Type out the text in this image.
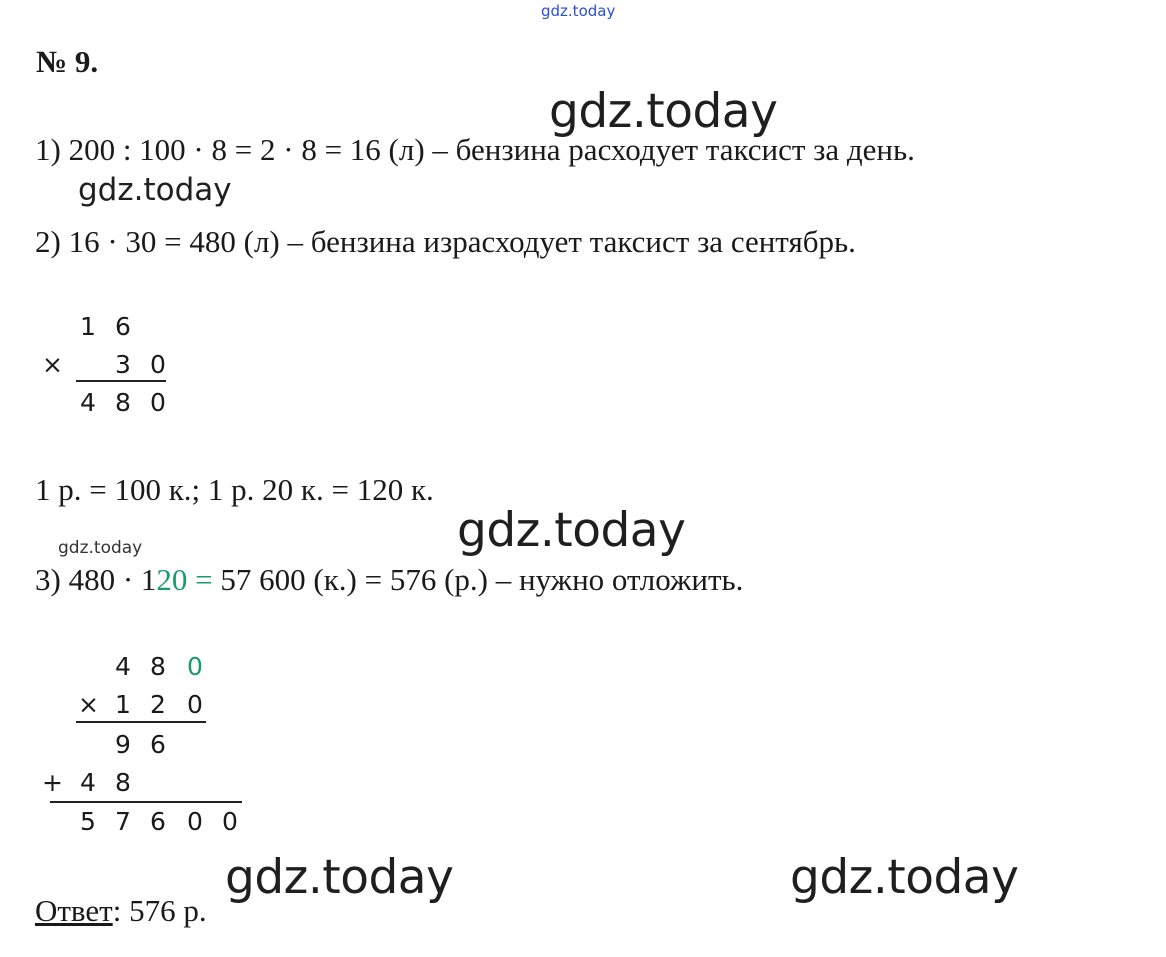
gdz.today
gdz.today
gdz.today
gdz.today
gdz.today
gdz.today	gdz.today
№ 9.
1) 200 : 100 · 8 = 2 · 8 = 16 (л) – бензина расходует таксист за день.
2) 16 · 30 = 480 (л) – бензина израсходует таксист за сентябрь.
1 6
× 3 0
4 8 0
1 р. = 100 к.; 1 р. 20 к. = 120 к.
3) 480 · 120 = 57 600 (к.) = 576 (р.) – нужно отложить.
4 8 0
× 1 2 0
9 6
+ 4 8
5 7 6 0 0
Ответ: 576 р.
